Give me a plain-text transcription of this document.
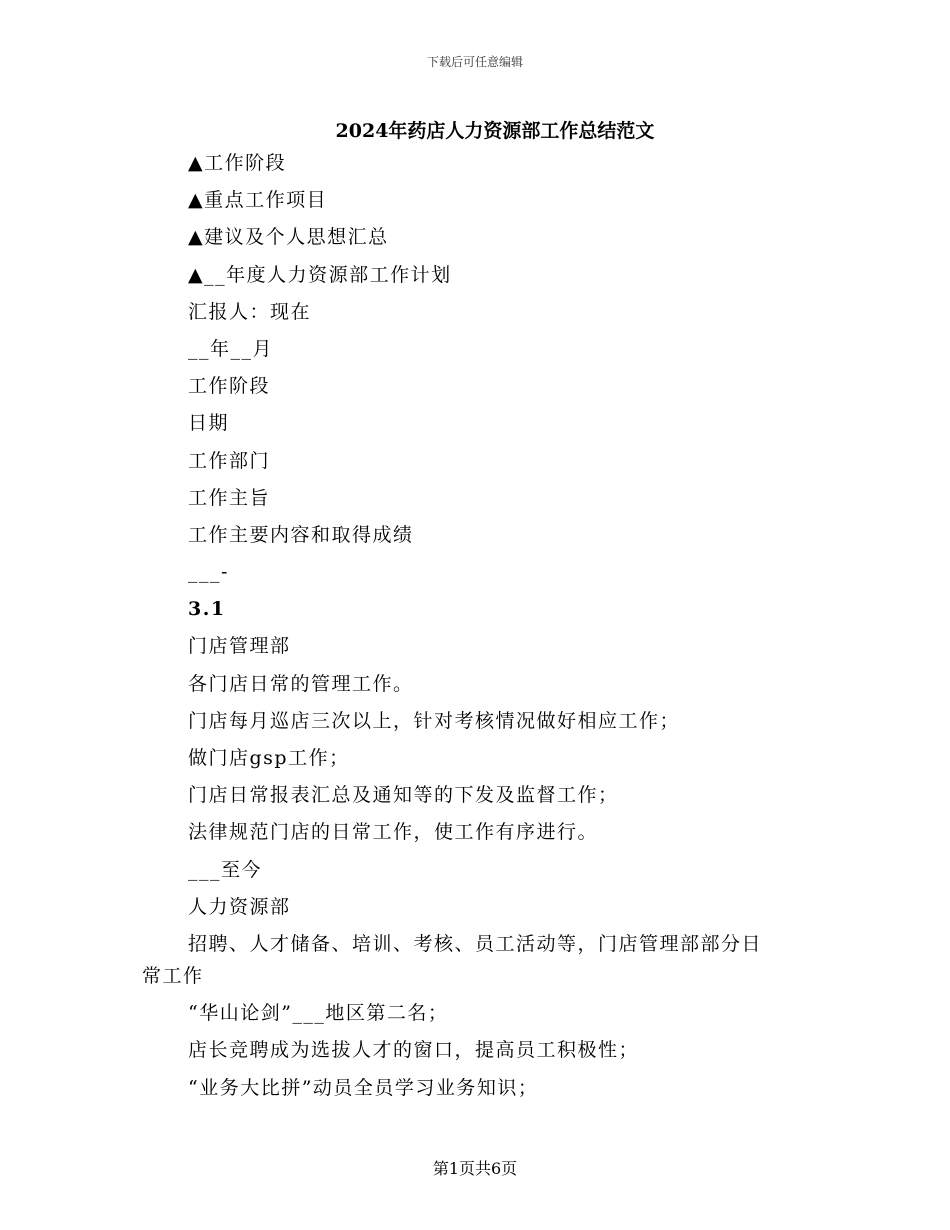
下载后可任意编辑
2024年药店人力资源部工作总结范文
▲工作阶段
▲重点工作项目
▲建议及个人思想汇总
▲__年度人力资源部工作计划
汇报人：现在
__年__月
工作阶段
日期
工作部门
工作主旨
工作主要内容和取得成绩
___-
3.1
门店管理部
各门店日常的管理工作。
门店每月巡店三次以上，针对考核情况做好相应工作；
做门店gsp工作；
门店日常报表汇总及通知等的下发及监督工作；
法律规范门店的日常工作，使工作有序进行。
___至今
人力资源部
招聘、人才储备、培训、考核、员工活动等，门店管理部部分日
常工作
“华山论剑”___地区第二名；
店长竞聘成为选拔人才的窗口，提高员工积极性；
“业务大比拼”动员全员学习业务知识；
第1页共6页
